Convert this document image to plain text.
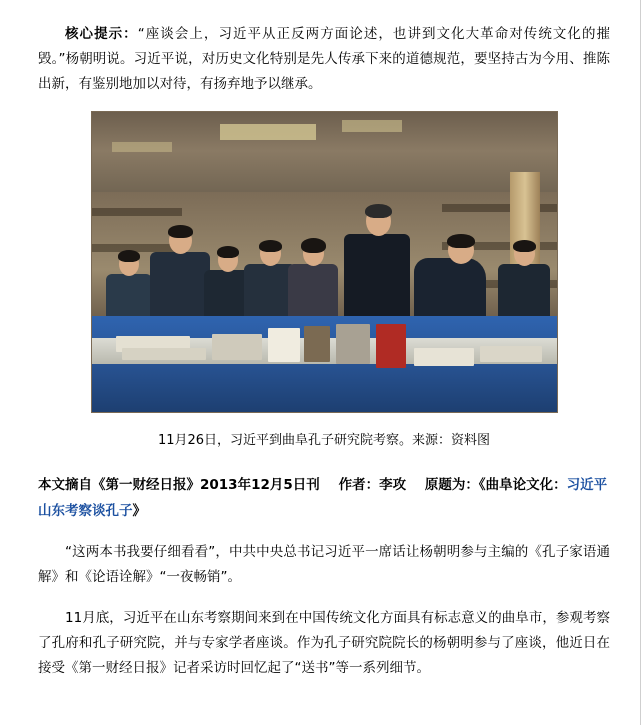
核心提示：“座谈会上，习近平从正反两方面论述，也讲到文化大革命对传统文化的摧毁。”杨朝明说。习近平说，对历史文化特别是先人传承下来的道德规范，要坚持古为今用、推陈出新，有鉴别地加以对待，有扬弃地予以继承。

11月26日，习近平到曲阜孔子研究院考察。来源：资料图

本文摘自《第一财经日报》2013年12月5日刊 作者：李攻 原题为：《曲阜论文化：习近平山东考察谈孔子》

“这两本书我要仔细看看”，中共中央总书记习近平一席话让杨朝明参与主编的《孔子家语通解》和《论语诠解》“一夜畅销”。

11月底，习近平在山东考察期间来到在中国传统文化方面具有标志意义的曲阜市，参观考察了孔府和孔子研究院，并与专家学者座谈。作为孔子研究院院长的杨朝明参与了座谈，他近日在接受《第一财经日报》记者采访时回忆起了“送书”等一系列细节。
